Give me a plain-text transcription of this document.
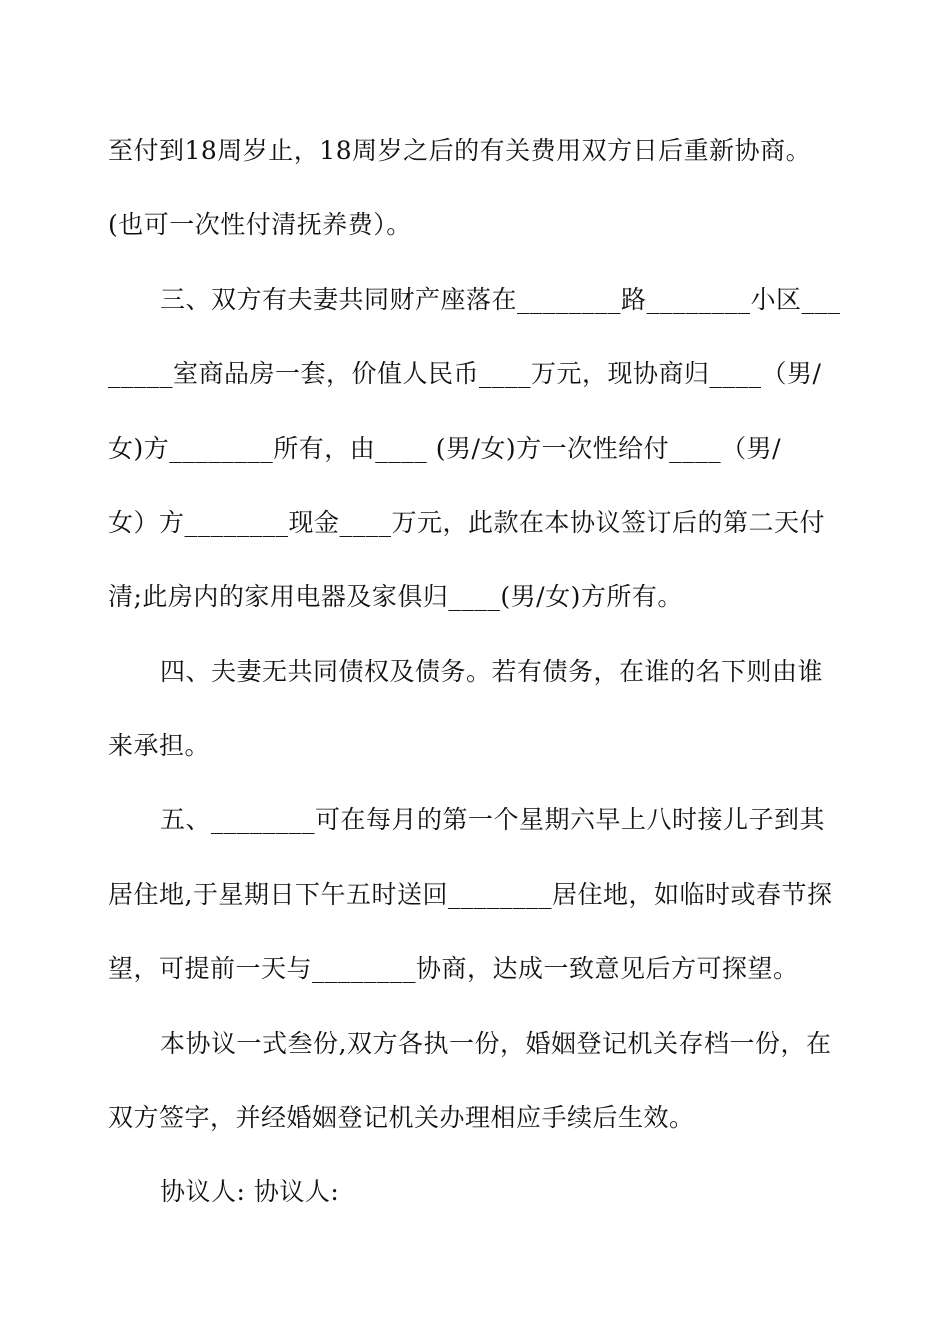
至付到18周岁止，18周岁之后的有关费用双方日后重新协商。
(也可一次性付清抚养费）。
三、双方有夫妻共同财产座落在________路________小区___
_____室商品房一套，价值人民币____万元，现协商归____（男/
女)方________所有，由____ (男/女)方一次性给付____（男/
女）方________现金____万元，此款在本协议签订后的第二天付
清;此房内的家用电器及家俱归____(男/女)方所有。
四、夫妻无共同债权及债务。若有债务，在谁的名下则由谁
来承担。
五、________可在每月的第一个星期六早上八时接儿子到其
居住地,于星期日下午五时送回________居住地，如临时或春节探
望，可提前一天与________协商，达成一致意见后方可探望。
本协议一式叁份,双方各执一份，婚姻登记机关存档一份，在
双方签字，并经婚姻登记机关办理相应手续后生效。
协议人: 协议人:
